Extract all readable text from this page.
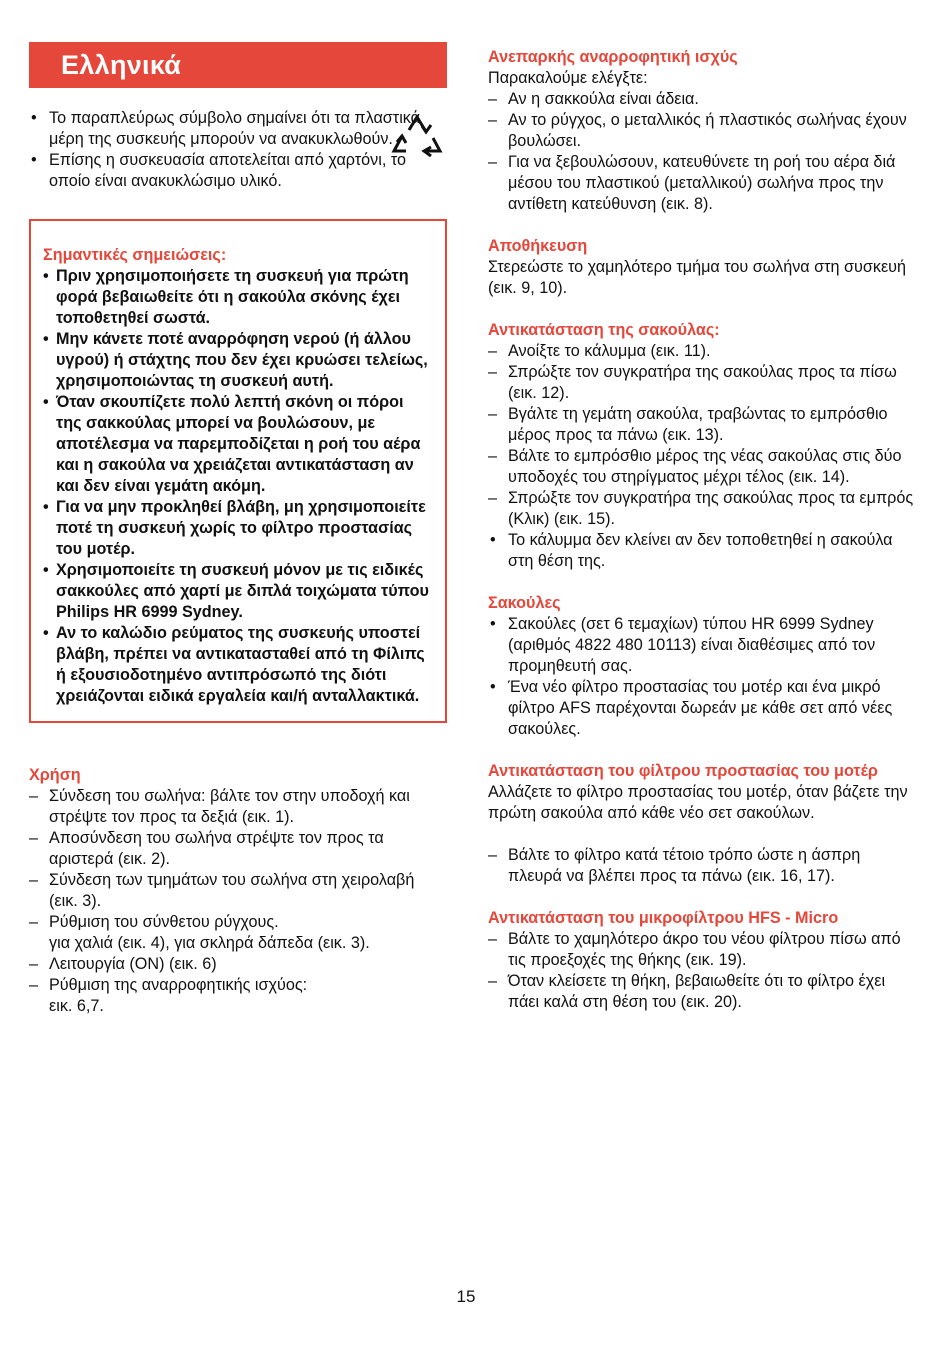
Ελληνικά
• Το παραπλεύρως σύμβολο σημαίνει ότι τα πλαστικά μέρη της συσκευής μπορούν να ανακυκλωθούν.
• Επίσης η συσκευασία αποτελείται από χαρτόνι, το οποίο είναι ανακυκλώσιμο υλικό.
Σημαντικές σημειώσεις:
• Πριν χρησιμοποιήσετε τη συσκευή για πρώτη φορά βεβαιωθείτε ότι η σακούλα σκόνης έχει τοποθετηθεί σωστά.
• Μην κάνετε ποτέ αναρρόφηση νερού (ή άλλου υγρού) ή στάχτης που δεν έχει κρυώσει τελείως, χρησιμοποιώντας τη συσκευή αυτή.
• Όταν σκουπίζετε πολύ λεπτή σκόνη οι πόροι της σακκούλας μπορεί να βουλώσουν, με αποτέλεσμα να παρεμποδίζεται η ροή του αέρα και η σακούλα να χρειάζεται αντικατάσταση αν και δεν είναι γεμάτη ακόμη.
• Για να μην προκληθεί βλάβη, μη χρησιμοποιείτε ποτέ τη συσκευή χωρίς το φίλτρο προστασίας του μοτέρ.
• Χρησιμοποιείτε τη συσκευή μόνον με τις ειδικές σακκούλες από χαρτί με διπλά τοιχώματα τύπου Philips HR 6999 Sydney.
• Αν το καλώδιο ρεύματος της συσκευής υποστεί βλάβη, πρέπει να αντικατασταθεί από τη Φίλιπς ή εξουσιοδοτημένο αντιπρόσωπό της διότι χρειάζονται ειδικά εργαλεία και/ή ανταλλακτικά.
Χρήση
– Σύνδεση του σωλήνα: βάλτε τον στην υποδοχή και στρέψτε τον προς τα δεξιά (εικ. 1).
– Αποσύνδεση του σωλήνα στρέψτε τον προς τα αριστερά (εικ. 2).
– Σύνδεση των τμημάτων του σωλήνα στη χειρολαβή (εικ. 3).
– Ρύθμιση του σύνθετου ρύγχους.
για χαλιά (εικ. 4), για σκληρά δάπεδα (εικ. 3).
– Λειτουργία (ON) (εικ. 6)
– Ρύθμιση της αναρροφητικής ισχύος:
εικ. 6,7.
Ανεπαρκής αναρροφητική ισχύς

Παρακαλούμε ελέγξτε:

– Αν η σακκούλα είναι άδεια.
– Αν το ρύγχος, ο μεταλλικός ή πλαστικός σωλήνας έχουν βουλώσει.
– Για να ξεβουλώσουν, κατευθύνετε τη ροή του αέρα διά μέσου του πλαστικού (μεταλλικού) σωλήνα προς την αντίθετη κατεύθυνση (εικ. 8).
Αποθήκευση

Στερεώστε το χαμηλότερο τμήμα του σωλήνα στη συσκευή (εικ. 9, 10).

Αντικατάσταση της σακούλας:
– Ανοίξτε το κάλυμμα (εικ. 11).
– Σπρώξτε τον συγκρατήρα της σακούλας προς τα πίσω (εικ. 12).
– Βγάλτε τη γεμάτη σακούλα, τραβώντας το εμπρόσθιο μέρος προς τα πάνω (εικ. 13).
– Βάλτε το εμπρόσθιο μέρος της νέας σακούλας στις δύο υποδοχές του στηρίγματος μέχρι τέλος (εικ. 14).
– Σπρώξτε τον συγκρατήρα της σακούλας προς τα εμπρός (Κλικ) (εικ. 15).
• Το κάλυμμα δεν κλείνει αν δεν τοποθετηθεί η σακούλα στη θέση της.
Σακούλες
• Σακούλες (σετ 6 τεμαχίων) τύπου HR 6999 Sydney (αριθμός 4822 480 10113) είναι διαθέσιμες από τον προμηθευτή σας.
• Ένα νέο φίλτρο προστασίας του μοτέρ και ένα μικρό φίλτρο AFS παρέχονται δωρεάν με κάθε σετ από νέες σακούλες.
Αντικατάσταση του φίλτρου προστασίας του μοτέρ

Αλλάζετε το φίλτρο προστασίας του μοτέρ, όταν βάζετε την πρώτη σακούλα από κάθε νέο σετ σακούλων.

– Βάλτε το φίλτρο κατά τέτοιο τρόπο ώστε η άσπρη πλευρά να βλέπει προς τα πάνω (εικ. 16, 17).
Αντικατάσταση του μικροφίλτρου HFS - Micro
– Βάλτε το χαμηλότερο άκρο του νέου φίλτρου πίσω από τις προεξοχές της θήκης (εικ. 19).
– Όταν κλείσετε τη θήκη, βεβαιωθείτε ότι το φίλτρο έχει πάει καλά στη θέση του (εικ. 20).
15
